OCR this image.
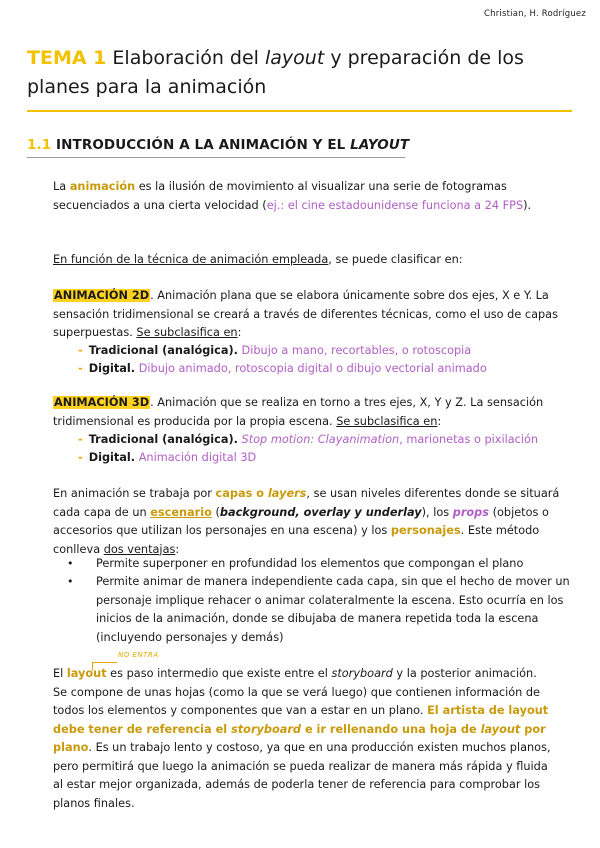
Christian, H. Rodríguez
TEMA 1 Elaboración del layout y preparación de los planes para la animación
1.1 INTRODUCCIÓN A LA ANIMACIÓN Y EL LAYOUT
La animación es la ilusión de movimiento al visualizar una serie de fotogramas secuenciados a una cierta velocidad (ej.: el cine estadounidense funciona a 24 FPS).
En función de la técnica de animación empleada, se puede clasificar en:
ANIMACIÓN 2D. Animación plana que se elabora únicamente sobre dos ejes, X e Y. La sensación tridimensional se creará a través de diferentes técnicas, como el uso de capas superpuestas. Se subclasifica en:
- Tradicional (analógica). Dibujo a mano, recortables, o rotoscopia
- Digital. Dibujo animado, rotoscopia digital o dibujo vectorial animado
ANIMACIÓN 3D. Animación que se realiza en torno a tres ejes, X, Y y Z. La sensación tridimensional es producida por la propia escena. Se subclasifica en:
- Tradicional (analógica). Stop motion: Clayanimation, marionetas o pixilación
- Digital. Animación digital 3D
En animación se trabaja por capas o layers, se usan niveles diferentes donde se situará cada capa de un escenario (background, overlay y underlay), los props (objetos o accesorios que utilizan los personajes en una escena) y los personajes. Este método conlleva dos ventajas:
• Permite superponer en profundidad los elementos que compongan el plano
• Permite animar de manera independiente cada capa, sin que el hecho de mover un personaje implique rehacer o animar colateralmente la escena. Esto ocurría en los inicios de la animación, donde se dibujaba de manera repetida toda la escena (incluyendo personajes y demás)
NO ENTRA
El layout es paso intermedio que existe entre el storyboard y la posterior animación. Se compone de unas hojas (como la que se verá luego) que contienen información de todos los elementos y componentes que van a estar en un plano. El artista de layout debe tener de referencia el storyboard e ir rellenando una hoja de layout por plano. Es un trabajo lento y costoso, ya que en una producción existen muchos planos, pero permitirá que luego la animación se pueda realizar de manera más rápida y fluida al estar mejor organizada, además de poderla tener de referencia para comprobar los planos finales.
